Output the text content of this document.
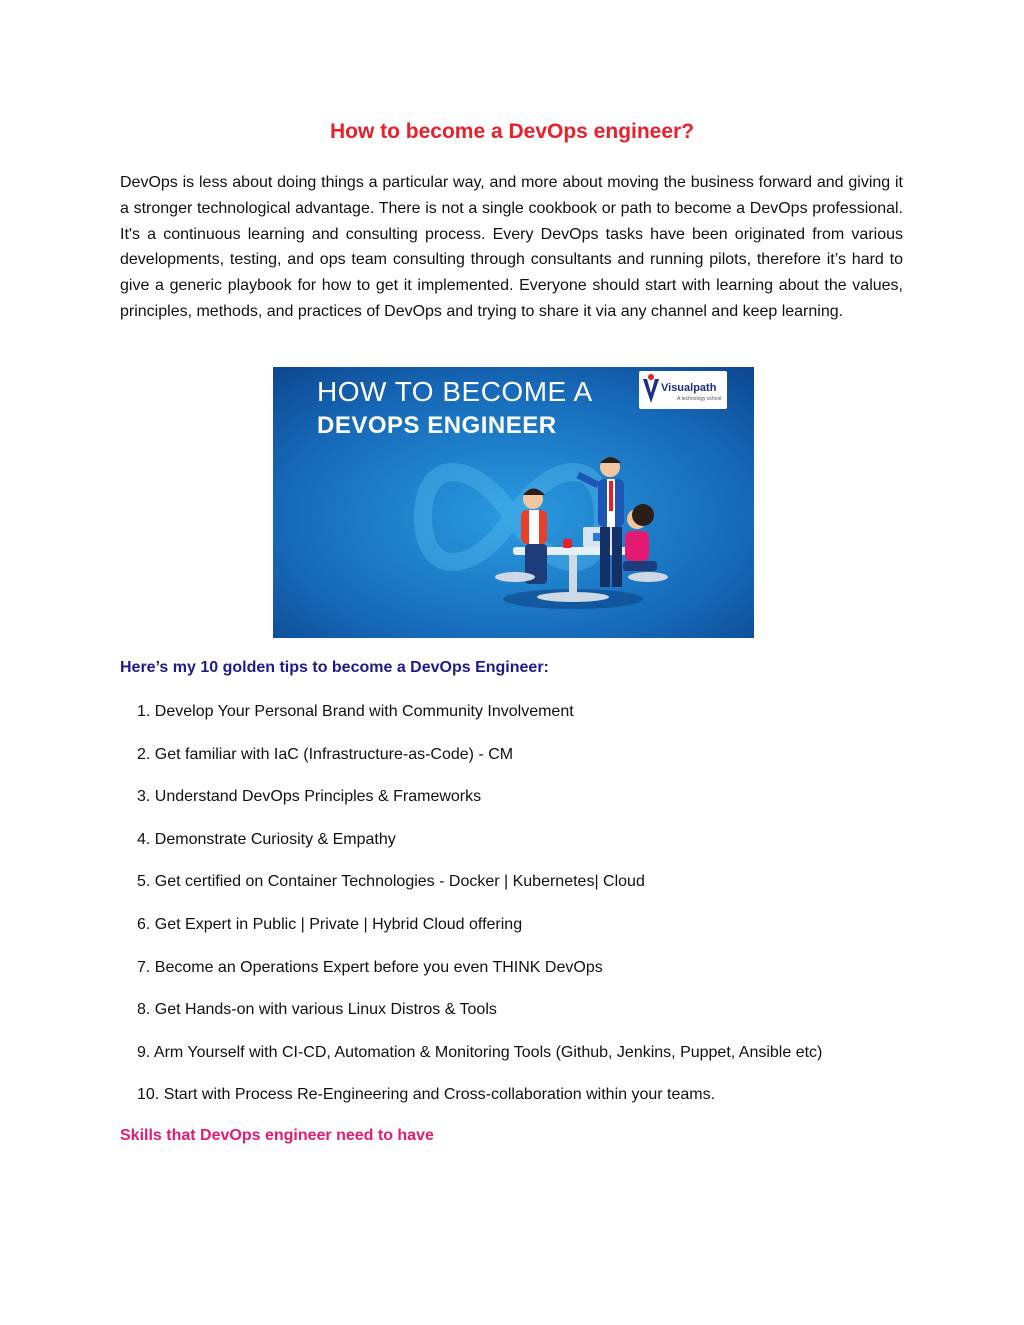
How to become a DevOps engineer?

DevOps is less about doing things a particular way, and more about moving the business forward and giving it a stronger technological advantage. There is not a single cookbook or path to become a DevOps professional. It's a continuous learning and consulting process. Every DevOps tasks have been originated from various developments, testing, and ops team consulting through consultants and running pilots, therefore it’s hard to give a generic playbook for how to get it implemented. Everyone should start with learning about the values, principles, methods, and practices of DevOps and trying to share it via any channel and keep learning.

HOW TO BECOME A
DEVOPS ENGINEER
Visualpath
A technology school
Here’s my 10 golden tips to become a DevOps Engineer:
1. Develop Your Personal Brand with Community Involvement
2. Get familiar with IaC (Infrastructure-as-Code) - CM
3. Understand DevOps Principles & Frameworks
4. Demonstrate Curiosity & Empathy
5. Get certified on Container Technologies - Docker | Kubernetes| Cloud
6. Get Expert in Public | Private | Hybrid Cloud offering
7. Become an Operations Expert before you even THINK DevOps
8. Get Hands-on with various Linux Distros & Tools
9. Arm Yourself with CI-CD, Automation & Monitoring Tools (Github, Jenkins, Puppet, Ansible etc)
10. Start with Process Re-Engineering and Cross-collaboration within your teams.
Skills that DevOps engineer need to have
